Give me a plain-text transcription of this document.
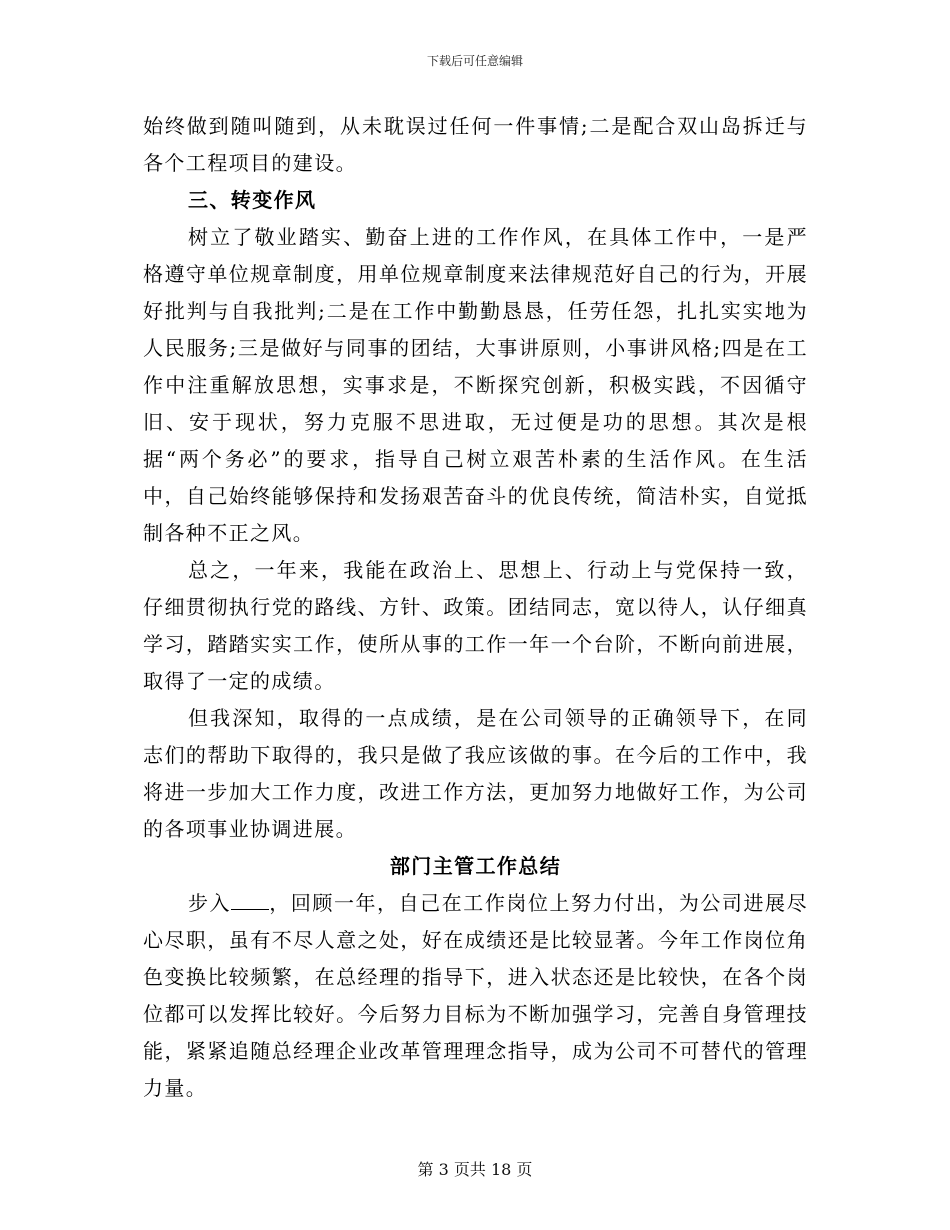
下载后可任意编辑

始终做到随叫随到，从未耽误过任何一件事情;二是配合双山岛拆迁与各个工程项目的建设。

三、转变作风

树立了敬业踏实、勤奋上进的工作作风，在具体工作中，一是严格遵守单位规章制度，用单位规章制度来法律规范好自己的行为，开展好批判与自我批判;二是在工作中勤勤恳恳，任劳任怨，扎扎实实地为人民服务;三是做好与同事的团结，大事讲原则，小事讲风格;四是在工作中注重解放思想，实事求是，不断探究创新，积极实践，不因循守旧、安于现状，努力克服不思进取，无过便是功的思想。其次是根据“两个务必”的要求，指导自己树立艰苦朴素的生活作风。在生活中，自己始终能够保持和发扬艰苦奋斗的优良传统，简洁朴实，自觉抵制各种不正之风。

总之，一年来，我能在政治上、思想上、行动上与党保持一致，仔细贯彻执行党的路线、方针、政策。团结同志，宽以待人，认仔细真学习，踏踏实实工作，使所从事的工作一年一个台阶，不断向前进展，取得了一定的成绩。

但我深知，取得的一点成绩，是在公司领导的正确领导下，在同志们的帮助下取得的，我只是做了我应该做的事。在今后的工作中，我将进一步加大工作力度，改进工作方法，更加努力地做好工作，为公司的各项事业协调进展。

部门主管工作总结

步入 ，回顾一年，自己在工作岗位上努力付出，为公司进展尽心尽职，虽有不尽人意之处，好在成绩还是比较显著。今年工作岗位角色变换比较频繁，在总经理的指导下，进入状态还是比较快，在各个岗位都可以发挥比较好。今后努力目标为不断加强学习，完善自身管理技能，紧紧追随总经理企业改革管理理念指导，成为公司不可替代的管理力量。

第 3 页共 18 页
